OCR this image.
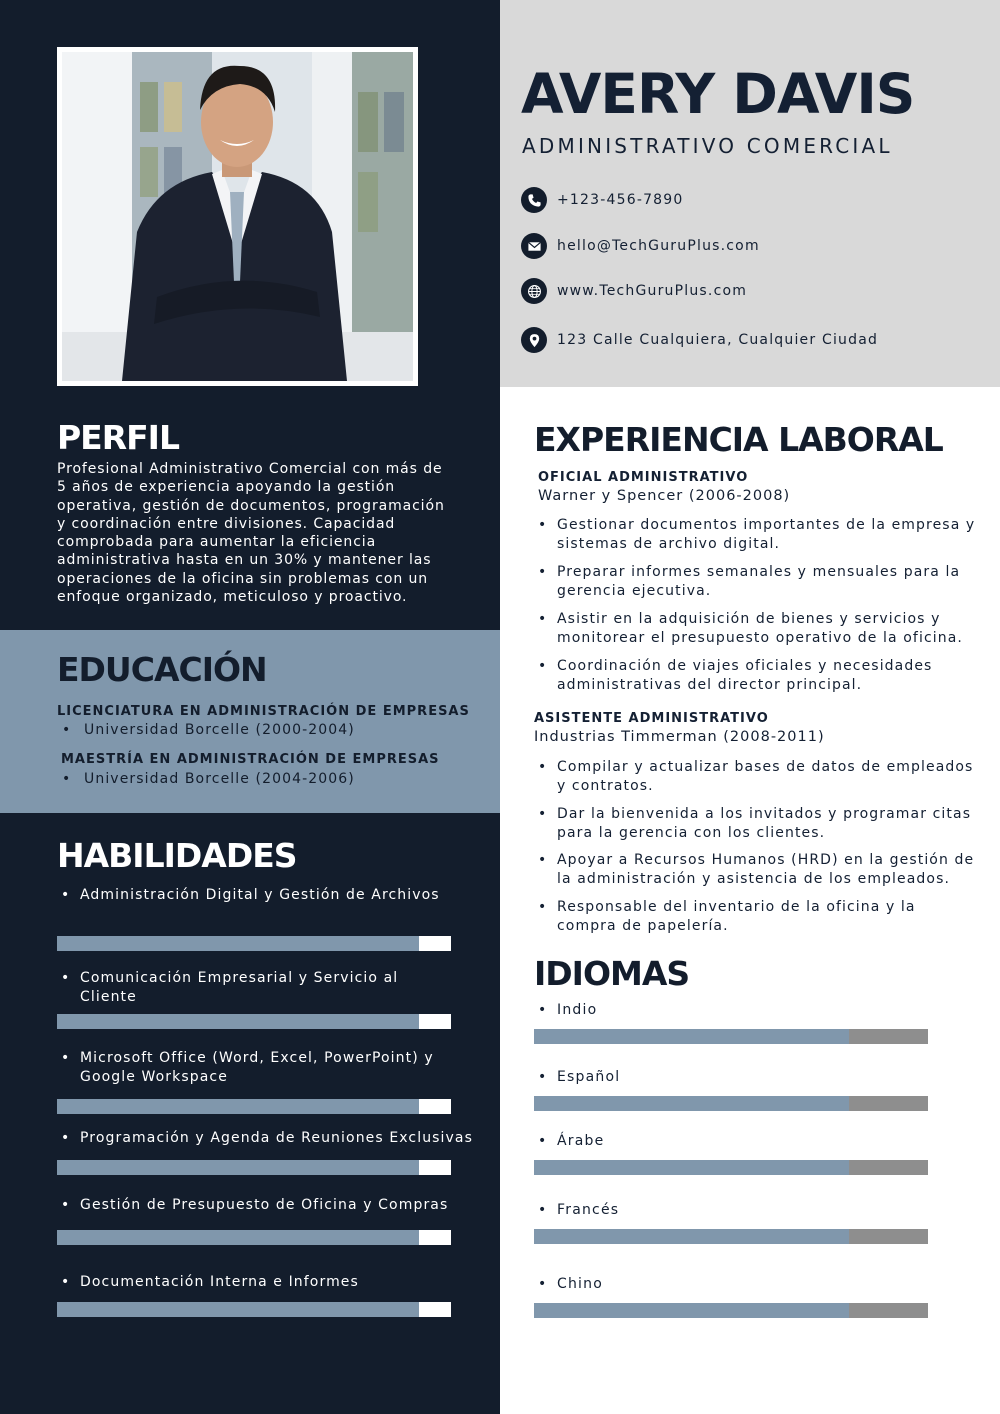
AVERY DAVIS
ADMINISTRATIVO COMERCIAL
+123-456-7890
hello@TechGuruPlus.com
www.TechGuruPlus.com
123 Calle Cualquiera, Cualquier Ciudad
PERFIL
Profesional Administrativo Comercial con más de 5 años de experiencia apoyando la gestión operativa, gestión de documentos, programación y coordinación entre divisiones. Capacidad comprobada para aumentar la eficiencia administrativa hasta en un 30% y mantener las operaciones de la oficina sin problemas con un enfoque organizado, meticuloso y proactivo.
EDUCACIÓN
LICENCIATURA EN ADMINISTRACIÓN DE EMPRESAS
• Universidad Borcelle (2000-2004)
MAESTRÍA EN ADMINISTRACIÓN DE EMPRESAS
• Universidad Borcelle (2004-2006)
HABILIDADES
• Administración Digital y Gestión de Archivos
• Comunicación Empresarial y Servicio al Cliente
• Microsoft Office (Word, Excel, PowerPoint) y Google Workspace
• Programación y Agenda de Reuniones Exclusivas
• Gestión de Presupuesto de Oficina y Compras
• Documentación Interna e Informes
EXPERIENCIA LABORAL
OFICIAL ADMINISTRATIVO
Warner y Spencer (2006-2008)
• Gestionar documentos importantes de la empresa y sistemas de archivo digital.
• Preparar informes semanales y mensuales para la gerencia ejecutiva.
• Asistir en la adquisición de bienes y servicios y monitorear el presupuesto operativo de la oficina.
• Coordinación de viajes oficiales y necesidades administrativas del director principal.
ASISTENTE ADMINISTRATIVO
Industrias Timmerman (2008-2011)
• Compilar y actualizar bases de datos de empleados y contratos.
• Dar la bienvenida a los invitados y programar citas para la gerencia con los clientes.
• Apoyar a Recursos Humanos (HRD) en la gestión de la administración y asistencia de los empleados.
• Responsable del inventario de la oficina y la compra de papelería.
IDIOMAS
• Indio
• Español
• Árabe
• Francés
• Chino
